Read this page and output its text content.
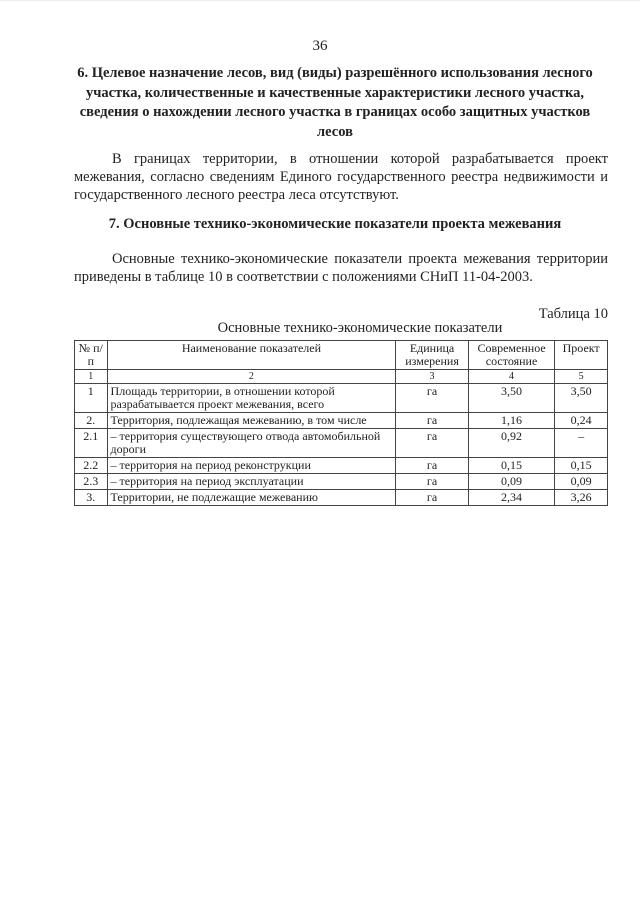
36
6. Целевое назначение лесов, вид (виды) разрешённого использования лесного участка, количественные и качественные характеристики лесного участка, сведения о нахождении лесного участка в границах особо защитных участков лесов
В границах территории, в отношении которой разрабатывается проект межевания, согласно сведениям Единого государственного реестра недвижимости и государственного лесного реестра леса отсутствуют.
7. Основные технико-экономические показатели проекта межевания
Основные технико-экономические показатели проекта межевания территории приведены в таблице 10 в соответствии с положениями СНиП 11-04-2003.
Таблица 10
Основные технико-экономические показатели
№ п/п	Наименование показателей	Единица измерения	Современное состояние	Проект
1	2	3	4	5
1	Площадь территории, в отношении которой разрабатывается проект межевания, всего	га	3,50	3,50
2.	Территория, подлежащая межеванию, в том числе	га	1,16	0,24
2.1	– территория существующего отвода автомобильной дороги	га	0,92	–
2.2	– территория на период реконструкции	га	0,15	0,15
2.3	– территория на период эксплуатации	га	0,09	0,09
3.	Территории, не подлежащие межеванию	га	2,34	3,26
